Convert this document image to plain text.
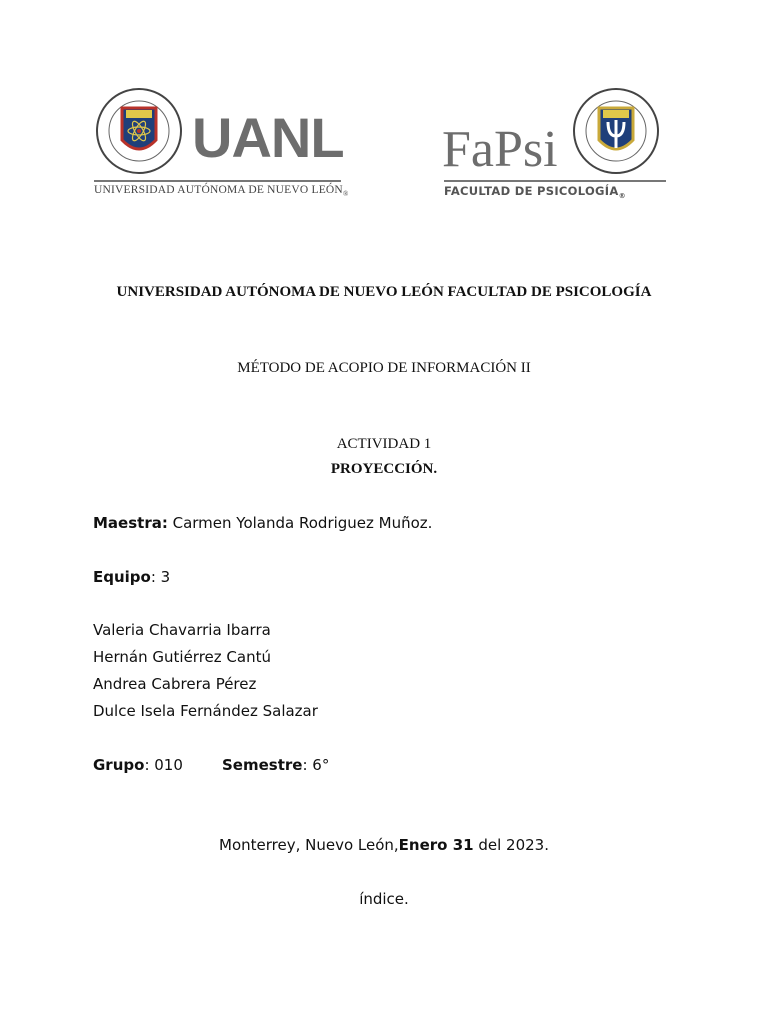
UANL
UNIVERSIDAD AUTÓNOMA DE NUEVO $LEÓN_®$
FaPsi
FACULTAD DE $PSICOLOGÍA_®$
UNIVERSIDAD AUTÓNOMA DE NUEVO LEÓN FACULTAD DE PSICOLOGÍA
MÉTODO DE ACOPIO DE INFORMACIÓN II
ACTIVIDAD 1
PROYECCIÓN.
Maestra: Carmen Yolanda Rodriguez Muñoz.
Equipo: 3
Valeria Chavarria Ibarra
Hernán Gutiérrez Cantú
Andrea Cabrera Pérez
Dulce Isela Fernández Salazar
Grupo: 010	Semestre: 6°
Monterrey, Nuevo León,Enero 31 del 2023.
índice.
